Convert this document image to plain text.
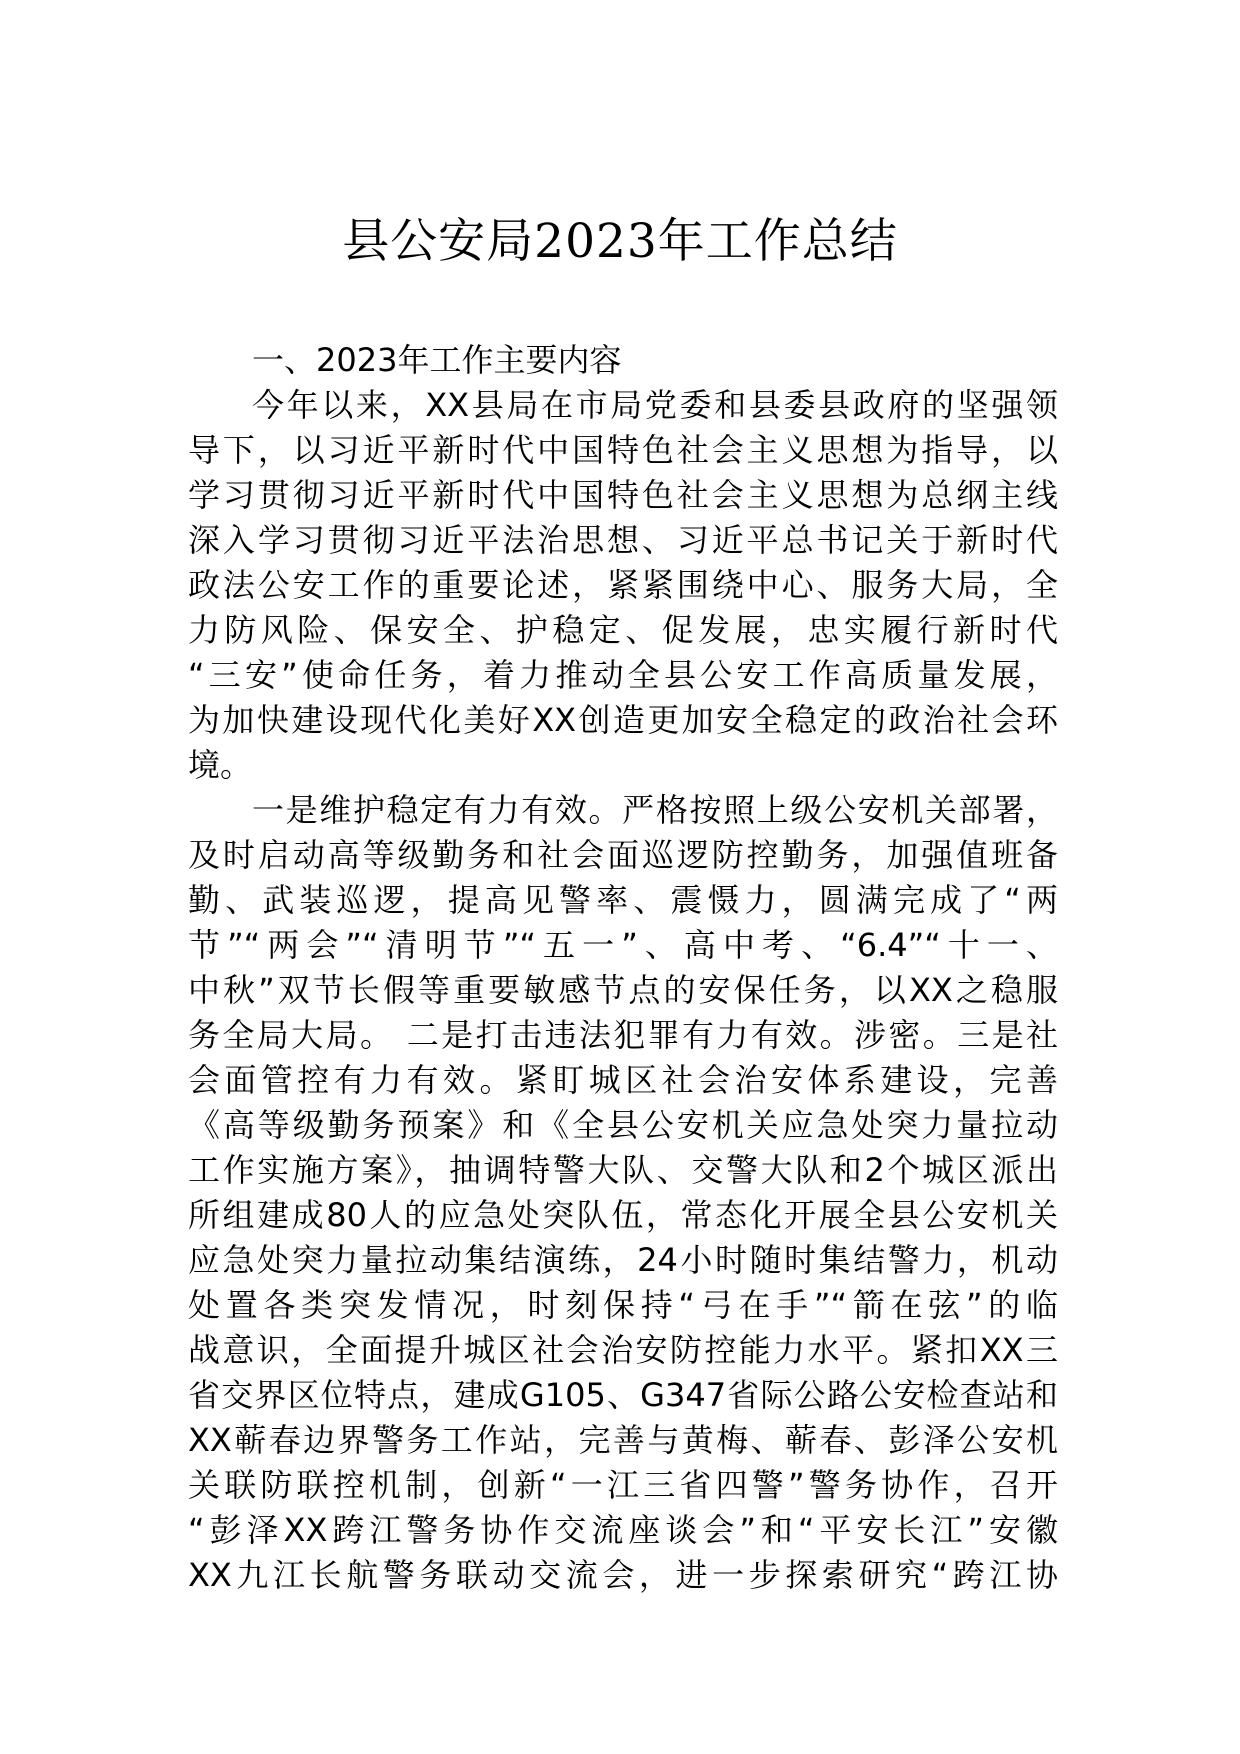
县公安局2023年工作总结
一、2023年工作主要内容
今年以来，XX县局在市局党委和县委县政府的坚强领
导下，以习近平新时代中国特色社会主义思想为指导，以
学习贯彻习近平新时代中国特色社会主义思想为总纲主线
深入学习贯彻习近平法治思想、习近平总书记关于新时代
政法公安工作的重要论述，紧紧围绕中心、服务大局，全
力防风险、保安全、护稳定、促发展，忠实履行新时代
“三安”使命任务，着力推动全县公安工作高质量发展，
为加快建设现代化美好XX创造更加安全稳定的政治社会环
境。
一是维护稳定有力有效。严格按照上级公安机关部署，
及时启动高等级勤务和社会面巡逻防控勤务，加强值班备
勤、武装巡逻，提高见警率、震慑力，圆满完成了“两
节”“两会”“清明节”“五一”、高中考、“6.4”“十一、
中秋”双节长假等重要敏感节点的安保任务，以XX之稳服
务全局大局。 二是打击违法犯罪有力有效。涉密。三是社
会面管控有力有效。紧盯城区社会治安体系建设，完善
《高等级勤务预案》和《全县公安机关应急处突力量拉动
工作实施方案》，抽调特警大队、交警大队和2个城区派出
所组建成80人的应急处突队伍，常态化开展全县公安机关
应急处突力量拉动集结演练，24小时随时集结警力，机动
处置各类突发情况，时刻保持“弓在手”“箭在弦”的临
战意识，全面提升城区社会治安防控能力水平。紧扣XX三
省交界区位特点，建成G105、G347省际公路公安检查站和
XX蕲春边界警务工作站，完善与黄梅、蕲春、彭泽公安机
关联防联控机制，创新“一江三省四警”警务协作，召开
“彭泽XX跨江警务协作交流座谈会”和“平安长江”安徽
XX九江长航警务联动交流会，进一步探索研究“跨江协
